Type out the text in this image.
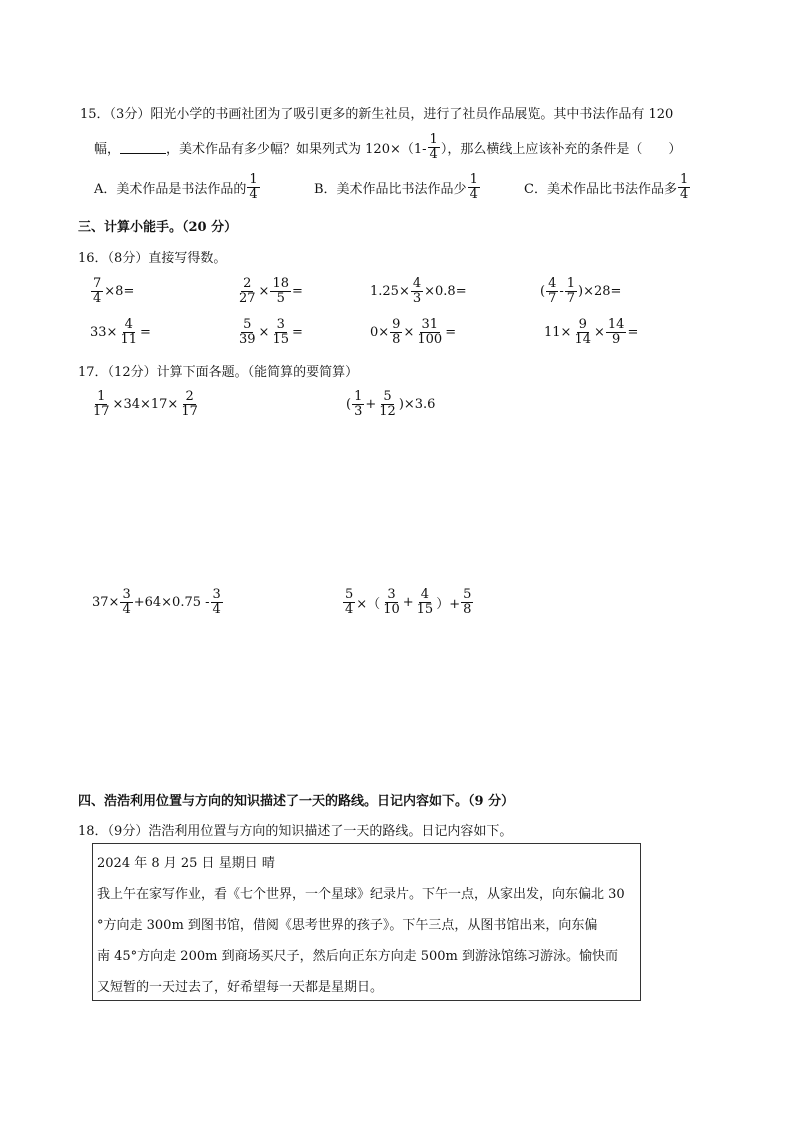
15．（3分）阳光小学的书画社团为了吸引更多的新生社员，进行了社员作品展览。其中书法作品有 120
幅，	，美术作品有多少幅？如果列式为 $120\times(1- \frac{1}{4}$ ），那么横线上应该补充的条件是（　　）
A．美术作品是书法作品的 $\frac{1}{4}$	B．美术作品比书法作品少 $\frac{1}{4}$	C．美术作品比书法作品多 $\frac{1}{4}$
三、计算小能手。（20 分）
16．（8分）直接写得数。
$\frac{7}{4} \times 8=$	$\frac{2}{27} \times \frac{18}{5}$ =	$1.25\times \frac{4}{3} \times 0.8=$	( $\frac{4}{7} - \frac{1}{7} )\times 28=$
$33\times \frac{4}{11}$ =	$\frac{5}{39} \times \frac{3}{15}$ =	$0\times \frac{9}{8} \times \frac{31}{100}$ =	$11\times \frac{9}{14} \times \frac{14}{9}$ =
17．（12分）计算下面各题。（能简算的要简算）
$\frac{1}{17} \times 34\times 17\times \frac{2}{17}$	( $\frac{1}{3} + \frac{5}{12} )\times 3.6$
$37\times \frac{3}{4} +64\times 0.75 - \frac{3}{4}$	$\frac{5}{4}$ ×（ $\frac{3}{10} + \frac{4}{15}$ ）+ $\frac{5}{8}$
四、浩浩利用位置与方向的知识描述了一天的路线。日记内容如下。（9 分）
18．（9分）浩浩利用位置与方向的知识描述了一天的路线。日记内容如下。
2024 年 8 月 25 日 星期日 晴
我上午在家写作业，看《七个世界，一个星球》纪录片。下午一点，从家出发，向东偏北 30
°方向走 300m 到图书馆，借阅《思考世界的孩子》。下午三点，从图书馆出来，向东偏
南 45°方向走 200m 到商场买尺子，然后向正东方向走 500m 到游泳馆练习游泳。愉快而
又短暂的一天过去了，好希望每一天都是星期日。
